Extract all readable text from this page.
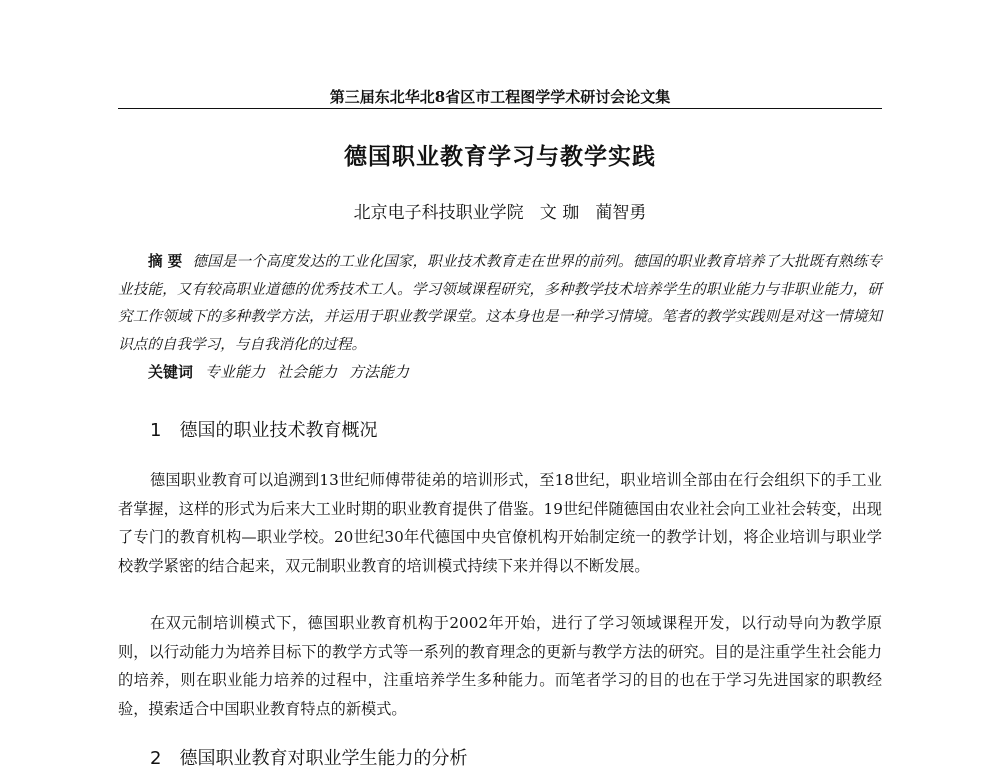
第三届东北华北8省区市工程图学学术研讨会论文集
德国职业教育学习与教学实践
北京电子科技职业学院 文 珈 蔺智勇
摘 要 德国是一个高度发达的工业化国家，职业技术教育走在世界的前列。德国的职业教育培养了大批既有熟练专业技能，又有较高职业道德的优秀技术工人。学习领域课程研究，多种教学技术培养学生的职业能力与非职业能力，研究工作领域下的多种教学方法，并运用于职业教学课堂。这本身也是一种学习情境。笔者的教学实践则是对这一情境知识点的自我学习，与自我消化的过程。
关键词 专业能力 社会能力 方法能力
1 德国的职业技术教育概况
德国职业教育可以追溯到13世纪师傅带徒弟的培训形式，至18世纪，职业培训全部由在行会组织下的手工业者掌握，这样的形式为后来大工业时期的职业教育提供了借鉴。19世纪伴随德国由农业社会向工业社会转变，出现了专门的教育机构—职业学校。20世纪30年代德国中央官僚机构开始制定统一的教学计划，将企业培训与职业学校教学紧密的结合起来，双元制职业教育的培训模式持续下来并得以不断发展。
在双元制培训模式下，德国职业教育机构于2002年开始，进行了学习领域课程开发，以行动导向为教学原则，以行动能力为培养目标下的教学方式等一系列的教育理念的更新与教学方法的研究。目的是注重学生社会能力的培养，则在职业能力培养的过程中，注重培养学生多种能力。而笔者学习的目的也在于学习先进国家的职教经验，摸索适合中国职业教育特点的新模式。
2 德国职业教育对职业学生能力的分析
